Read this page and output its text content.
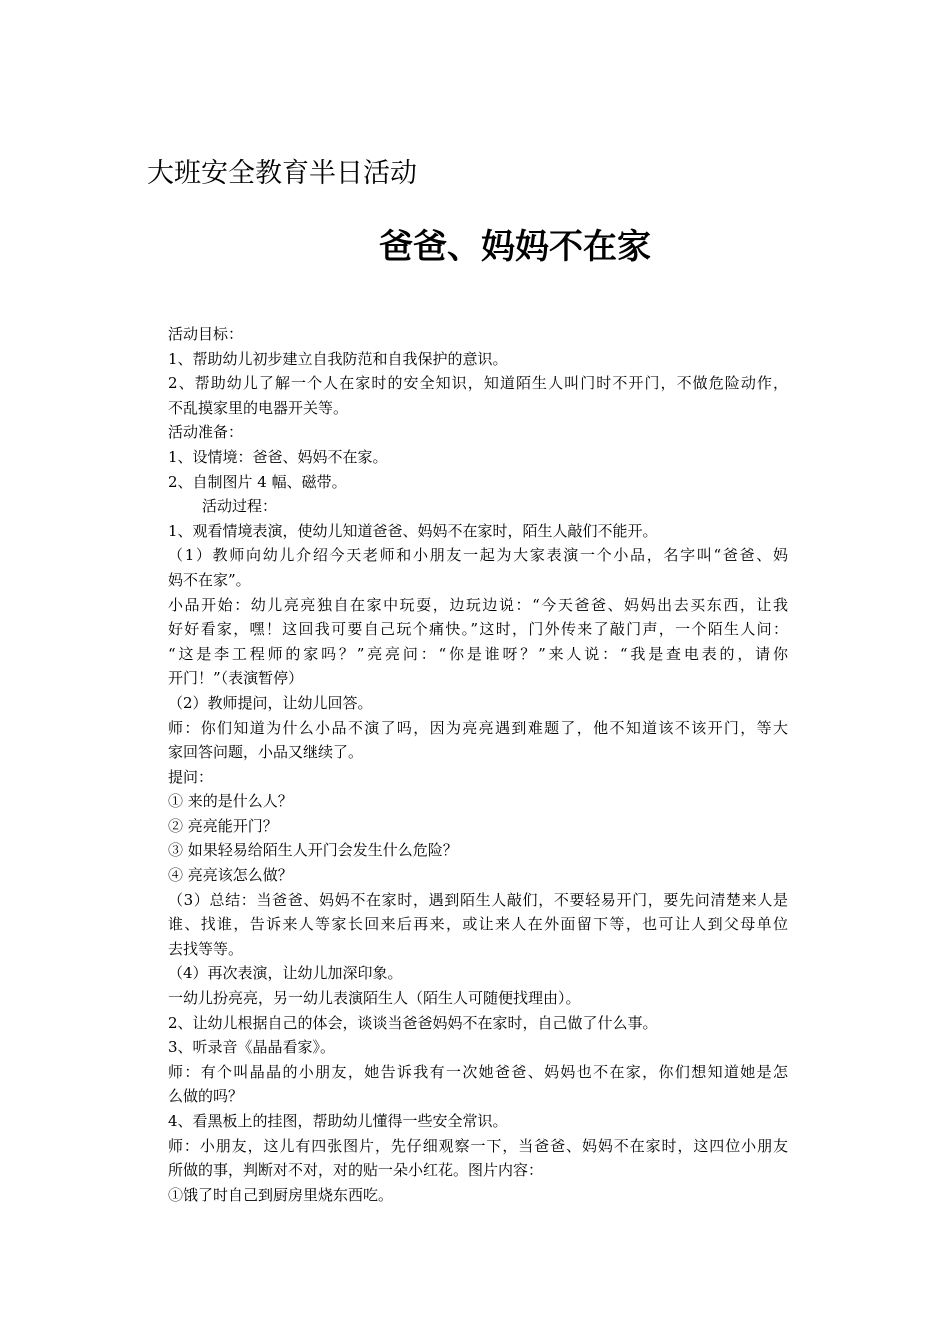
大班安全教育半日活动
爸爸、妈妈不在家
活动目标：
1、帮助幼儿初步建立自我防范和自我保护的意识。
2、帮助幼儿了解一个人在家时的安全知识，知道陌生人叫门时不开门，不做危险动作，
不乱摸家里的电器开关等。
活动准备：
1、设情境：爸爸、妈妈不在家。
2、自制图片 4 幅、磁带。
活动过程：
1、观看情境表演，使幼儿知道爸爸、妈妈不在家时，陌生人敲们不能开。
（1）教师向幼儿介绍今天老师和小朋友一起为大家表演一个小品，名字叫“爸爸、妈
妈不在家”。
小品开始：幼儿亮亮独自在家中玩耍，边玩边说：“今天爸爸、妈妈出去买东西，让我
好好看家，嘿！这回我可要自己玩个痛快。”这时，门外传来了敲门声，一个陌生人问：
“这是李工程师的家吗？”亮亮问：“你是谁呀？”来人说：“我是查电表的，请你
开门！”（表演暂停）
（2）教师提问，让幼儿回答。
师：你们知道为什么小品不演了吗，因为亮亮遇到难题了，他不知道该不该开门，等大
家回答问题，小品又继续了。
提问：
① 来的是什么人？
② 亮亮能开门？
③ 如果轻易给陌生人开门会发生什么危险？
④ 亮亮该怎么做？
（3）总结：当爸爸、妈妈不在家时，遇到陌生人敲们，不要轻易开门，要先问清楚来人是
谁、找谁，告诉来人等家长回来后再来，或让来人在外面留下等，也可让人到父母单位
去找等等。
（4）再次表演，让幼儿加深印象。
一幼儿扮亮亮，另一幼儿表演陌生人（陌生人可随便找理由）。
2、让幼儿根据自己的体会，谈谈当爸爸妈妈不在家时，自己做了什么事。
3、听录音《晶晶看家》。
师：有个叫晶晶的小朋友，她告诉我有一次她爸爸、妈妈也不在家，你们想知道她是怎
么做的吗？
4、看黑板上的挂图，帮助幼儿懂得一些安全常识。
师：小朋友，这儿有四张图片，先仔细观察一下，当爸爸、妈妈不在家时，这四位小朋友
所做的事，判断对不对，对的贴一朵小红花。图片内容：
①饿了时自己到厨房里烧东西吃。
